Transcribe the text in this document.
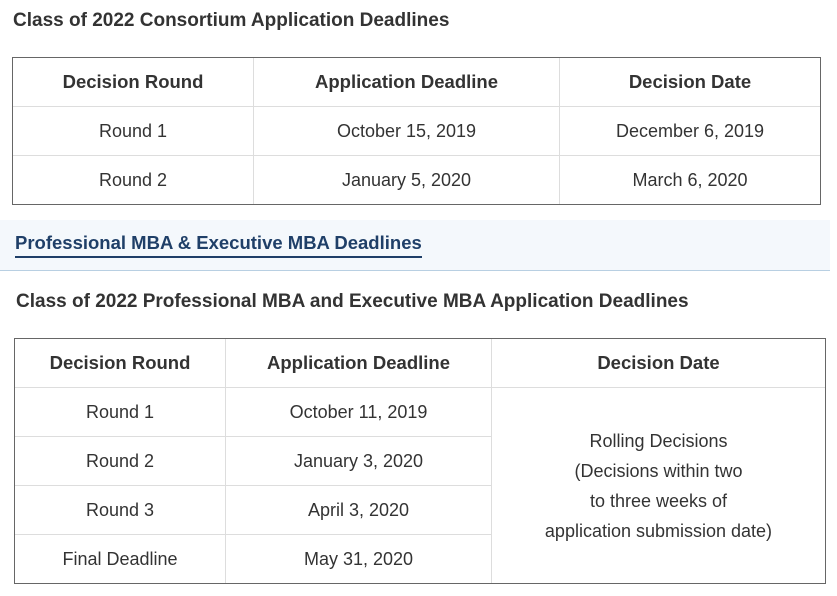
Class of 2022 Consortium Application Deadlines
Decision Round	Application Deadline	Decision Date
Round 1	October 15, 2019	December 6, 2019
Round 2	January 5, 2020	March 6, 2020
Professional MBA & Executive MBA Deadlines
Class of 2022 Professional MBA and Executive MBA Application Deadlines
Decision Round	Application Deadline	Decision Date
Round 1	October 11, 2019	Rolling Decisions
(Decisions within two
to three weeks of
application submission date)

Round 2	January 3, 2020	
Round 3	April 3, 2020	
Final Deadline	May 31, 2020	
